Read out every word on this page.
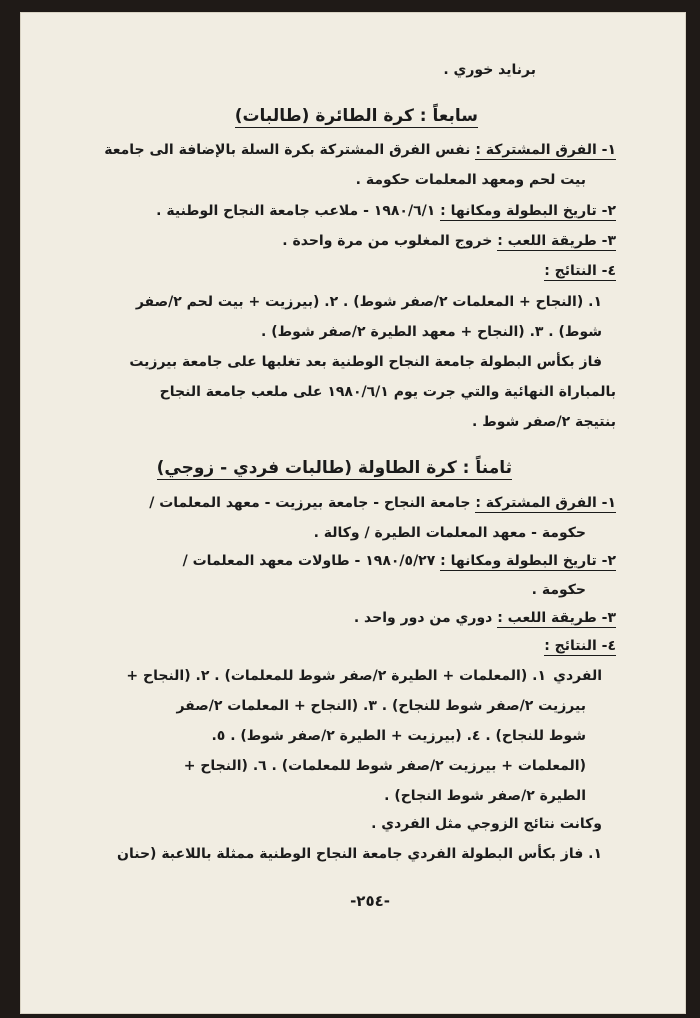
برنايد خوري .
سابعاً : كرة الطائرة (طالبات)
١- الفرق المشتركة : نفس الفرق المشتركة بكرة السلة بالإضافة الى جامعة
بيت لحم ومعهد المعلمات حكومة .
٢- تاريخ البطولة ومكانها : ١٩٨٠/٦/١ - ملاعب جامعة النجاح الوطنية .
٣- طريقة اللعب : خروج المغلوب من مرة واحدة .
٤- النتائج :
١. (النجاح + المعلمات ٢/صفر شوط) . ٢. (بيرزيت + بيت لحم ٢/صفر
شوط) . ٣. (النجاح + معهد الطيرة ٢/صفر شوط) .
فاز بكأس البطولة جامعة النجاح الوطنية بعد تغلبها على جامعة بيرزيت
بالمباراة النهائية والتي جرت يوم ١٩٨٠/٦/١ على ملعب جامعة النجاح
بنتيجة ٢/صفر شوط .
ثامناً : كرة الطاولة (طالبات فردي - زوجي)
١- الفرق المشتركة : جامعة النجاح - جامعة بيرزيت - معهد المعلمات /
حكومة - معهد المعلمات الطيرة / وكالة .
٢- تاريخ البطولة ومكانها : ١٩٨٠/٥/٢٧ - طاولات معهد المعلمات /
حكومة .
٣- طريقة اللعب : دوري من دور واحد .
٤- النتائج :
الفردي
١. (المعلمات + الطيرة ٢/صفر شوط للمعلمات) . ٢. (النجاح +
بيرزيت ٢/صفر شوط للنجاح) . ٣. (النجاح + المعلمات ٢/صفر
شوط للنجاح) . ٤. (بيرزيت + الطيرة ٢/صفر شوط) . ٥.
(المعلمات + بيرزيت ٢/صفر شوط للمعلمات) . ٦. (النجاح +
الطيرة ٢/صفر شوط النجاح) .
وكانت نتائج الزوجي مثل الفردي .
١. فاز بكأس البطولة الفردي جامعة النجاح الوطنية ممثلة باللاعبة (حنان
-٢٥٤-
